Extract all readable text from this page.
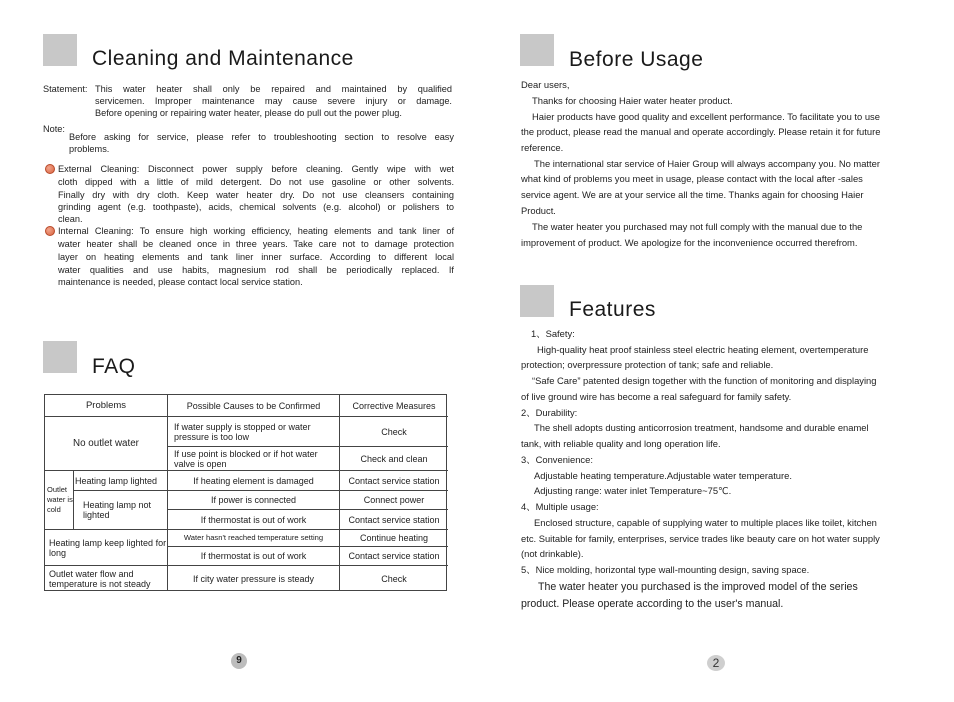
Cleaning and Maintenance
Statement: This water heater shall only be repaired and maintained by qualified
servicemen. Improper maintenance may cause severe injury or damage.
Before opening or repairing water heater, please do pull out the power plug.
Note:
Before asking for service, please refer to troubleshooting section to resolve easy
problems.
External Cleaning: Disconnect power supply before cleaning. Gently wipe with wet
cloth dipped with a little of mild detergent. Do not use gasoline or other solvents.
Finally dry with dry cloth. Keep water heater dry. Do not use cleansers containing
grinding agent (e.g. toothpaste), acids, chemical solvents (e.g. alcohol) or polishers to
clean.
Internal Cleaning: To ensure high working efficiency, heating elements and tank liner of
water heater shall be cleaned once in three years. Take care not to damage protection
layer on heating elements and tank liner inner surface. According to different local
water qualities and use habits, magnesium rod shall be periodically replaced. If
maintenance is needed, please contact local service station.
FAQ
Problems	Possible Causes to be Confirmed	Corrective Measures
No outlet water
If water supply is stopped or water pressure is too low	Check
If use point is blocked or if hot water valve is open	Check and clean
Outlet water is cold
Heating lamp lighted	If heating element is damaged	Contact service station
Heating lamp not lighted
If power is connected	Connect power
If thermostat is out of work	Contact service station
Heating lamp keep lighted for long
Water hasn't reached temperature setting	Continue heating
If thermostat is out of work	Contact service station
Outlet water flow and temperature is not steady	If city water pressure is steady	Check
9
Before Usage
Dear users,
Thanks for choosing Haier water heater product.
Haier products have good quality and excellent performance. To facilitate you to use
the product, please read the manual and operate accordingly. Please retain it for future
reference.
The international star service of Haier Group will always accompany you. No matter
what kind of problems you meet in usage, please contact with the local after -sales
service agent. We are at your service all the time. Thanks again for choosing Haier
Product.
The water heater you purchased may not full comply with the manual due to the
improvement of product. We apologize for the inconvenience occurred therefrom.
Features
1、Safety:
High-quality heat proof stainless steel electric heating element, overtemperature
protection; overpressure protection of tank; safe and reliable.
“Safe Care” patented design together with the function of monitoring and displaying
of live ground wire has become a real safeguard for family safety.
2、Durability:
The shell adopts dusting anticorrosion treatment, handsome and durable enamel
tank, with reliable quality and long operation life.
3、Convenience:
Adjustable heating temperature.Adjustable water temperature.
Adjusting range: water inlet Temperature~75℃.
4、Multiple usage:
Enclosed structure, capable of supplying water to multiple places like toilet, kitchen
etc. Suitable for family, enterprises, service trades like beauty care on hot water supply
(not drinkable).
5、Nice molding, horizontal type wall-mounting design, saving space.
The water heater you purchased is the improved model of the series
product. Please operate according to the user's manual.
2
